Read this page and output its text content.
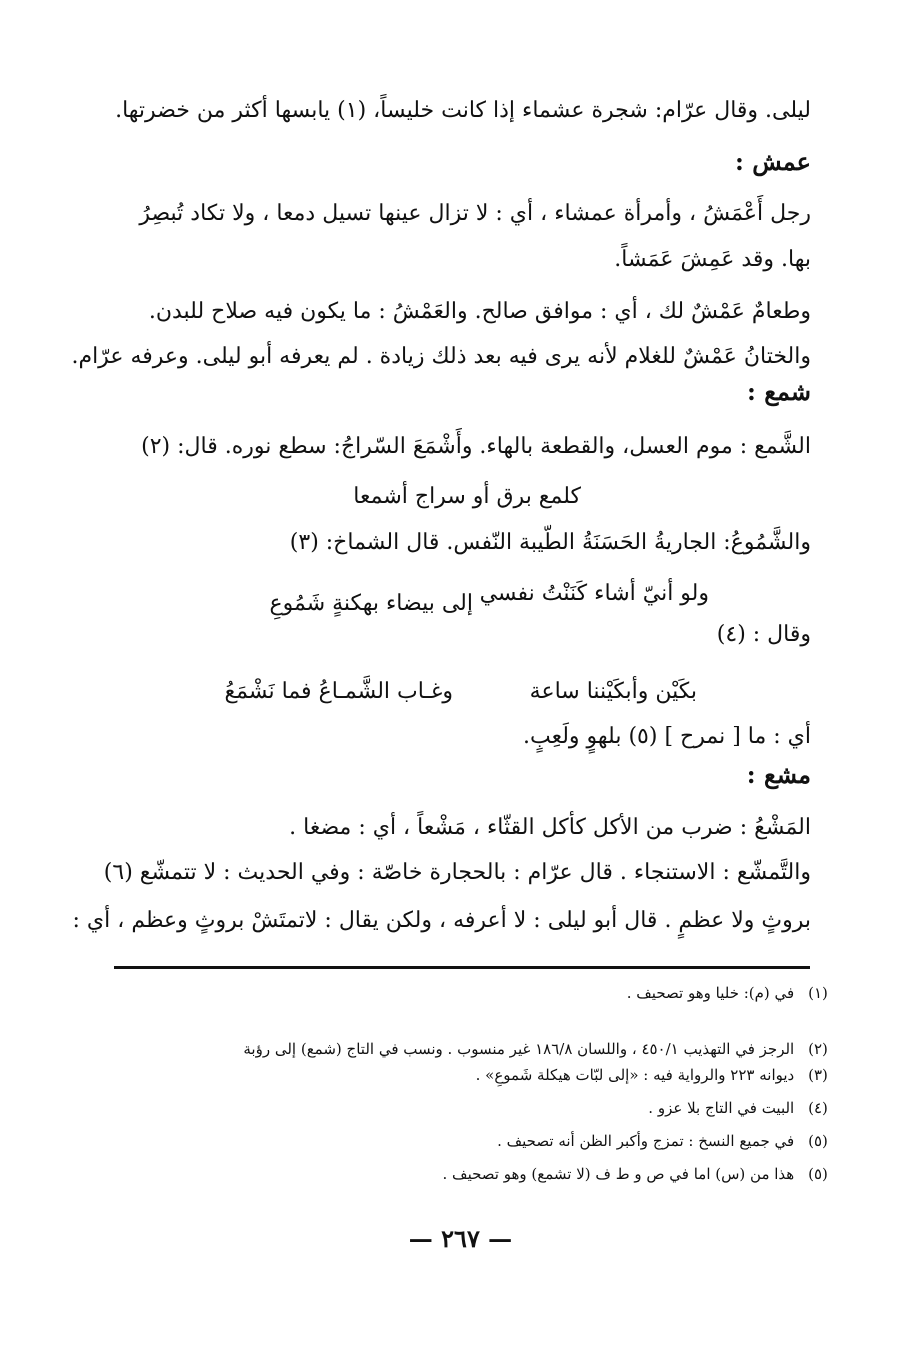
ليلى. وقال عرّام: شجرة عشماء إذا كانت خليساً، (١) يابسها أكثر من خضرتها.
عمش :
رجل أَعْمَشُ ، وأمرأة عمشاء ، أي : لا تزال عينها تسيل دمعا ، ولا تكاد تُبصِرُ
بها. وقد عَمِشَ عَمَشاً.
وطعامٌ عَمْشٌ لك ، أي : موافق صالح. والعَمْشُ : ما يكون فيه صلاح للبدن.
والختانُ عَمْشٌ للغلام لأنه يرى فيه بعد ذلك زيادة . لم يعرفه أبو ليلى. وعرفه عرّام.
شمع :
الشَّمع : موم العسل، والقطعة بالهاء. وأَشْمَعَ السّراجُ: سطع نوره. قال: (٢)
كلمع برق أو سراج أشمعا
والشَّمُوعُ: الجاريةُ الحَسَنَةُ الطّيبة النّفس. قال الشماخ: (٣)
ولو أنيّ أشاء كَنَنْتُ نفسي
إلى بيضاء بهكنةٍ شَمُوعِ
وقال : (٤)
بكَيْن وأبكَيْننا ساعة
وغـاب الشَّمـاعُ فما نَشْمَعُ
أي : ما [ نمرح ] (٥) بلهوٍ ولَعِبٍ.
مشع :
المَشْعُ : ضرب من الأكل كأكل القثّاء ، مَشْعاً ، أي : مضغا .
والتَّمشّع : الاستنجاء . قال عرّام : بالحجارة خاصّة : وفي الحديث : لا تتمشّع (٦)
بروثٍ ولا عظمٍ . قال أبو ليلى : لا أعرفه ، ولكن يقال : لاتمتَشْ بروثٍ وعظم ، أي :
(١) في (م): خليا وهو تصحيف .
(٢) الرجز في التهذيب ٤٥٠/١ ، واللسان ١٨٦/٨ غير منسوب . ونسب في التاج (شمع) إلى رؤبة
(٣) ديوانه ٢٢٣ والرواية فيه : «إلى لبّات هيكلة شَموعِ» .
(٤) البيت في التاج بلا عزو .
(٥) في جميع النسخ : تمزج وأكبر الظن أنه تصحيف .
(٥) هذا من (س) اما في ص و ط ف (لا تشمع) وهو تصحيف .
— ٢٦٧ —
